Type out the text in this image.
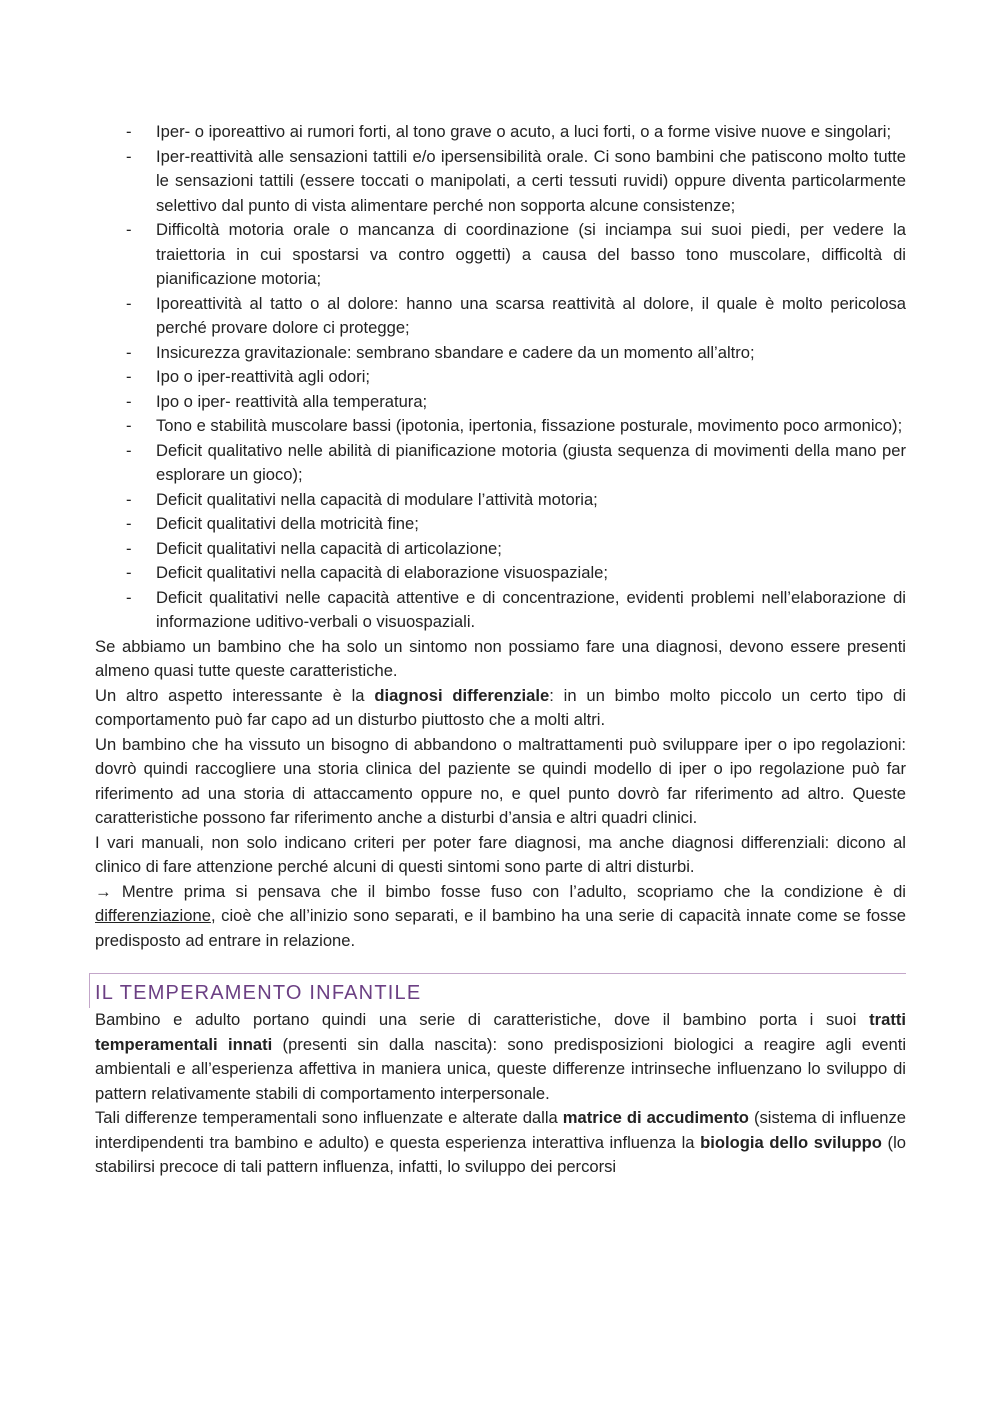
- Iper- o iporeattivo ai rumori forti, al tono grave o acuto, a luci forti, o a forme visive nuove e singolari;
- Iper-reattività alle sensazioni tattili e/o ipersensibilità orale. Ci sono bambini che patiscono molto tutte le sensazioni tattili (essere toccati o manipolati, a certi tessuti ruvidi) oppure diventa particolarmente selettivo dal punto di vista alimentare perché non sopporta alcune consistenze;
- Difficoltà motoria orale o mancanza di coordinazione (si inciampa sui suoi piedi, per vedere la traiettoria in cui spostarsi va contro oggetti) a causa del basso tono muscolare, difficoltà di pianificazione motoria;
- Iporeattività al tatto o al dolore: hanno una scarsa reattività al dolore, il quale è molto pericolosa perché provare dolore ci protegge;
- Insicurezza gravitazionale: sembrano sbandare e cadere da un momento all’altro;
- Ipo o iper-reattività agli odori;
- Ipo o iper- reattività alla temperatura;
- Tono e stabilità muscolare bassi (ipotonia, ipertonia, fissazione posturale, movimento poco armonico);
- Deficit qualitativo nelle abilità di pianificazione motoria (giusta sequenza di movimenti della mano per esplorare un gioco);
- Deficit qualitativi nella capacità di modulare l’attività motoria;
- Deficit qualitativi della motricità fine;
- Deficit qualitativi nella capacità di articolazione;
- Deficit qualitativi nella capacità di elaborazione visuospaziale;
- Deficit qualitativi nelle capacità attentive e di concentrazione, evidenti problemi nell’elaborazione di informazione uditivo-verbali o visuospaziali.

Se abbiamo un bambino che ha solo un sintomo non possiamo fare una diagnosi, devono essere presenti almeno quasi tutte queste caratteristiche.

Un altro aspetto interessante è la diagnosi differenziale: in un bimbo molto piccolo un certo tipo di comportamento può far capo ad un disturbo piuttosto che a molti altri.

Un bambino che ha vissuto un bisogno di abbandono o maltrattamenti può sviluppare iper o ipo regolazioni: dovrò quindi raccogliere una storia clinica del paziente se quindi modello di iper o ipo regolazione può far riferimento ad una storia di attaccamento oppure no, e quel punto dovrò far riferimento ad altro. Queste caratteristiche possono far riferimento anche a disturbi d’ansia e altri quadri clinici.

I vari manuali, non solo indicano criteri per poter fare diagnosi, ma anche diagnosi differenziali: dicono al clinico di fare attenzione perché alcuni di questi sintomi sono parte di altri disturbi.

→ Mentre prima si pensava che il bimbo fosse fuso con l’adulto, scopriamo che la condizione è di differenziazione, cioè che all’inizio sono separati, e il bambino ha una serie di capacità innate come se fosse predisposto ad entrare in relazione.

IL TEMPERAMENTO INFANTILE

Bambino e adulto portano quindi una serie di caratteristiche, dove il bambino porta i suoi tratti temperamentali innati (presenti sin dalla nascita): sono predisposizioni biologici a reagire agli eventi ambientali e all’esperienza affettiva in maniera unica, queste differenze intrinseche influenzano lo sviluppo di pattern relativamente stabili di comportamento interpersonale.

Tali differenze temperamentali sono influenzate e alterate dalla matrice di accudimento (sistema di influenze interdipendenti tra bambino e adulto) e questa esperienza interattiva influenza la biologia dello sviluppo (lo stabilirsi precoce di tali pattern influenza, infatti, lo sviluppo dei percorsi
